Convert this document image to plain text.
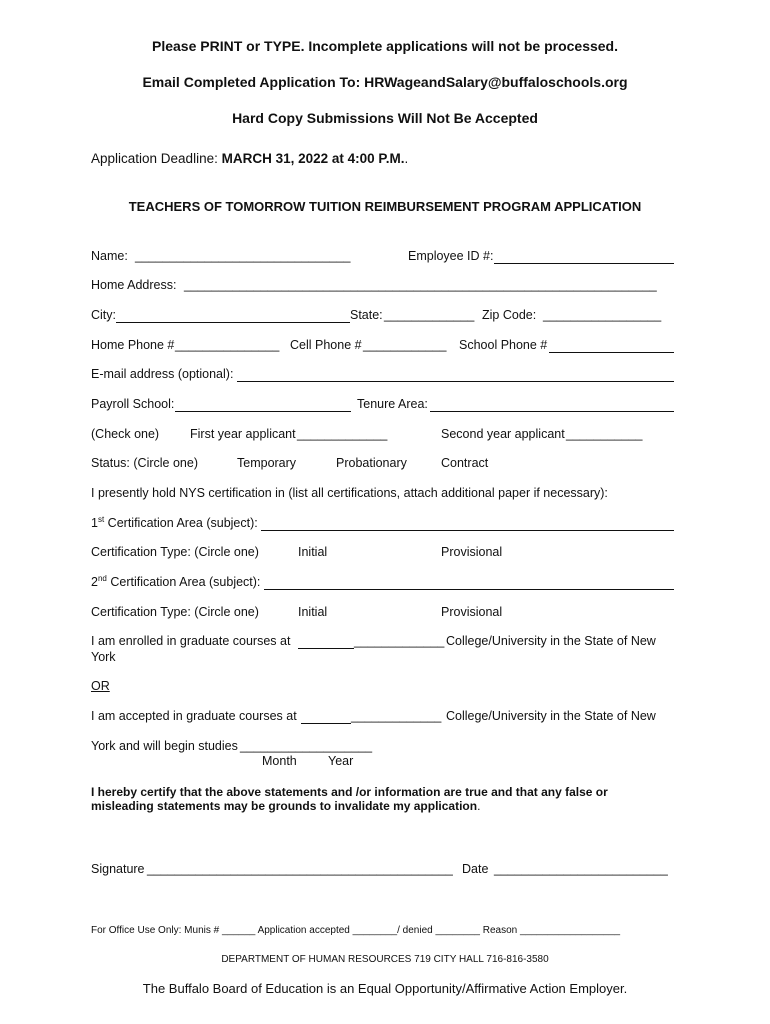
Please PRINT or TYPE. Incomplete applications will not be processed.
Email Completed Application To: HRWageandSalary@buffaloschools.org
Hard Copy Submissions Will Not Be Accepted
Application Deadline: MARCH 31, 2022 at 4:00 P.M..
TEACHERS OF TOMORROW TUITION REIMBURSEMENT PROGRAM APPLICATION
Name: _______________________________	Employee ID #:
Home Address: ____________________________________________________________________
City:	State: _____________ Zip Code: _________________
Home Phone # _______________ Cell Phone # ____________ School Phone #
E-mail address (optional):
Payroll School:	Tenure Area:
(Check one) First year applicant _____________	Second year applicant ___________
Status: (Circle one)	Temporary	Probationary	Contract
I presently hold NYS certification in (list all certifications, attach additional paper if necessary):
1st Certification Area (subject):
Certification Type: (Circle one)	Initial	Provisional
2nd Certification Area (subject):
Certification Type: (Circle one)	Initial	Provisional
I am enrolled in graduate courses at	_____________ College/University in the State of New
York
OR
I am accepted in graduate courses at	_____________ College/University in the State of New
York and will begin studies ___________________
Month	Year
I hereby certify that the above statements and /or information are true and that any false or
misleading statements may be grounds to invalidate my application.
Signature ____________________________________________ Date _________________________
For Office Use Only: Munis # ______ Application accepted ________/ denied ________ Reason __________________
DEPARTMENT OF HUMAN RESOURCES 719 CITY HALL 716-816-3580
The Buffalo Board of Education is an Equal Opportunity/Affirmative Action Employer.
